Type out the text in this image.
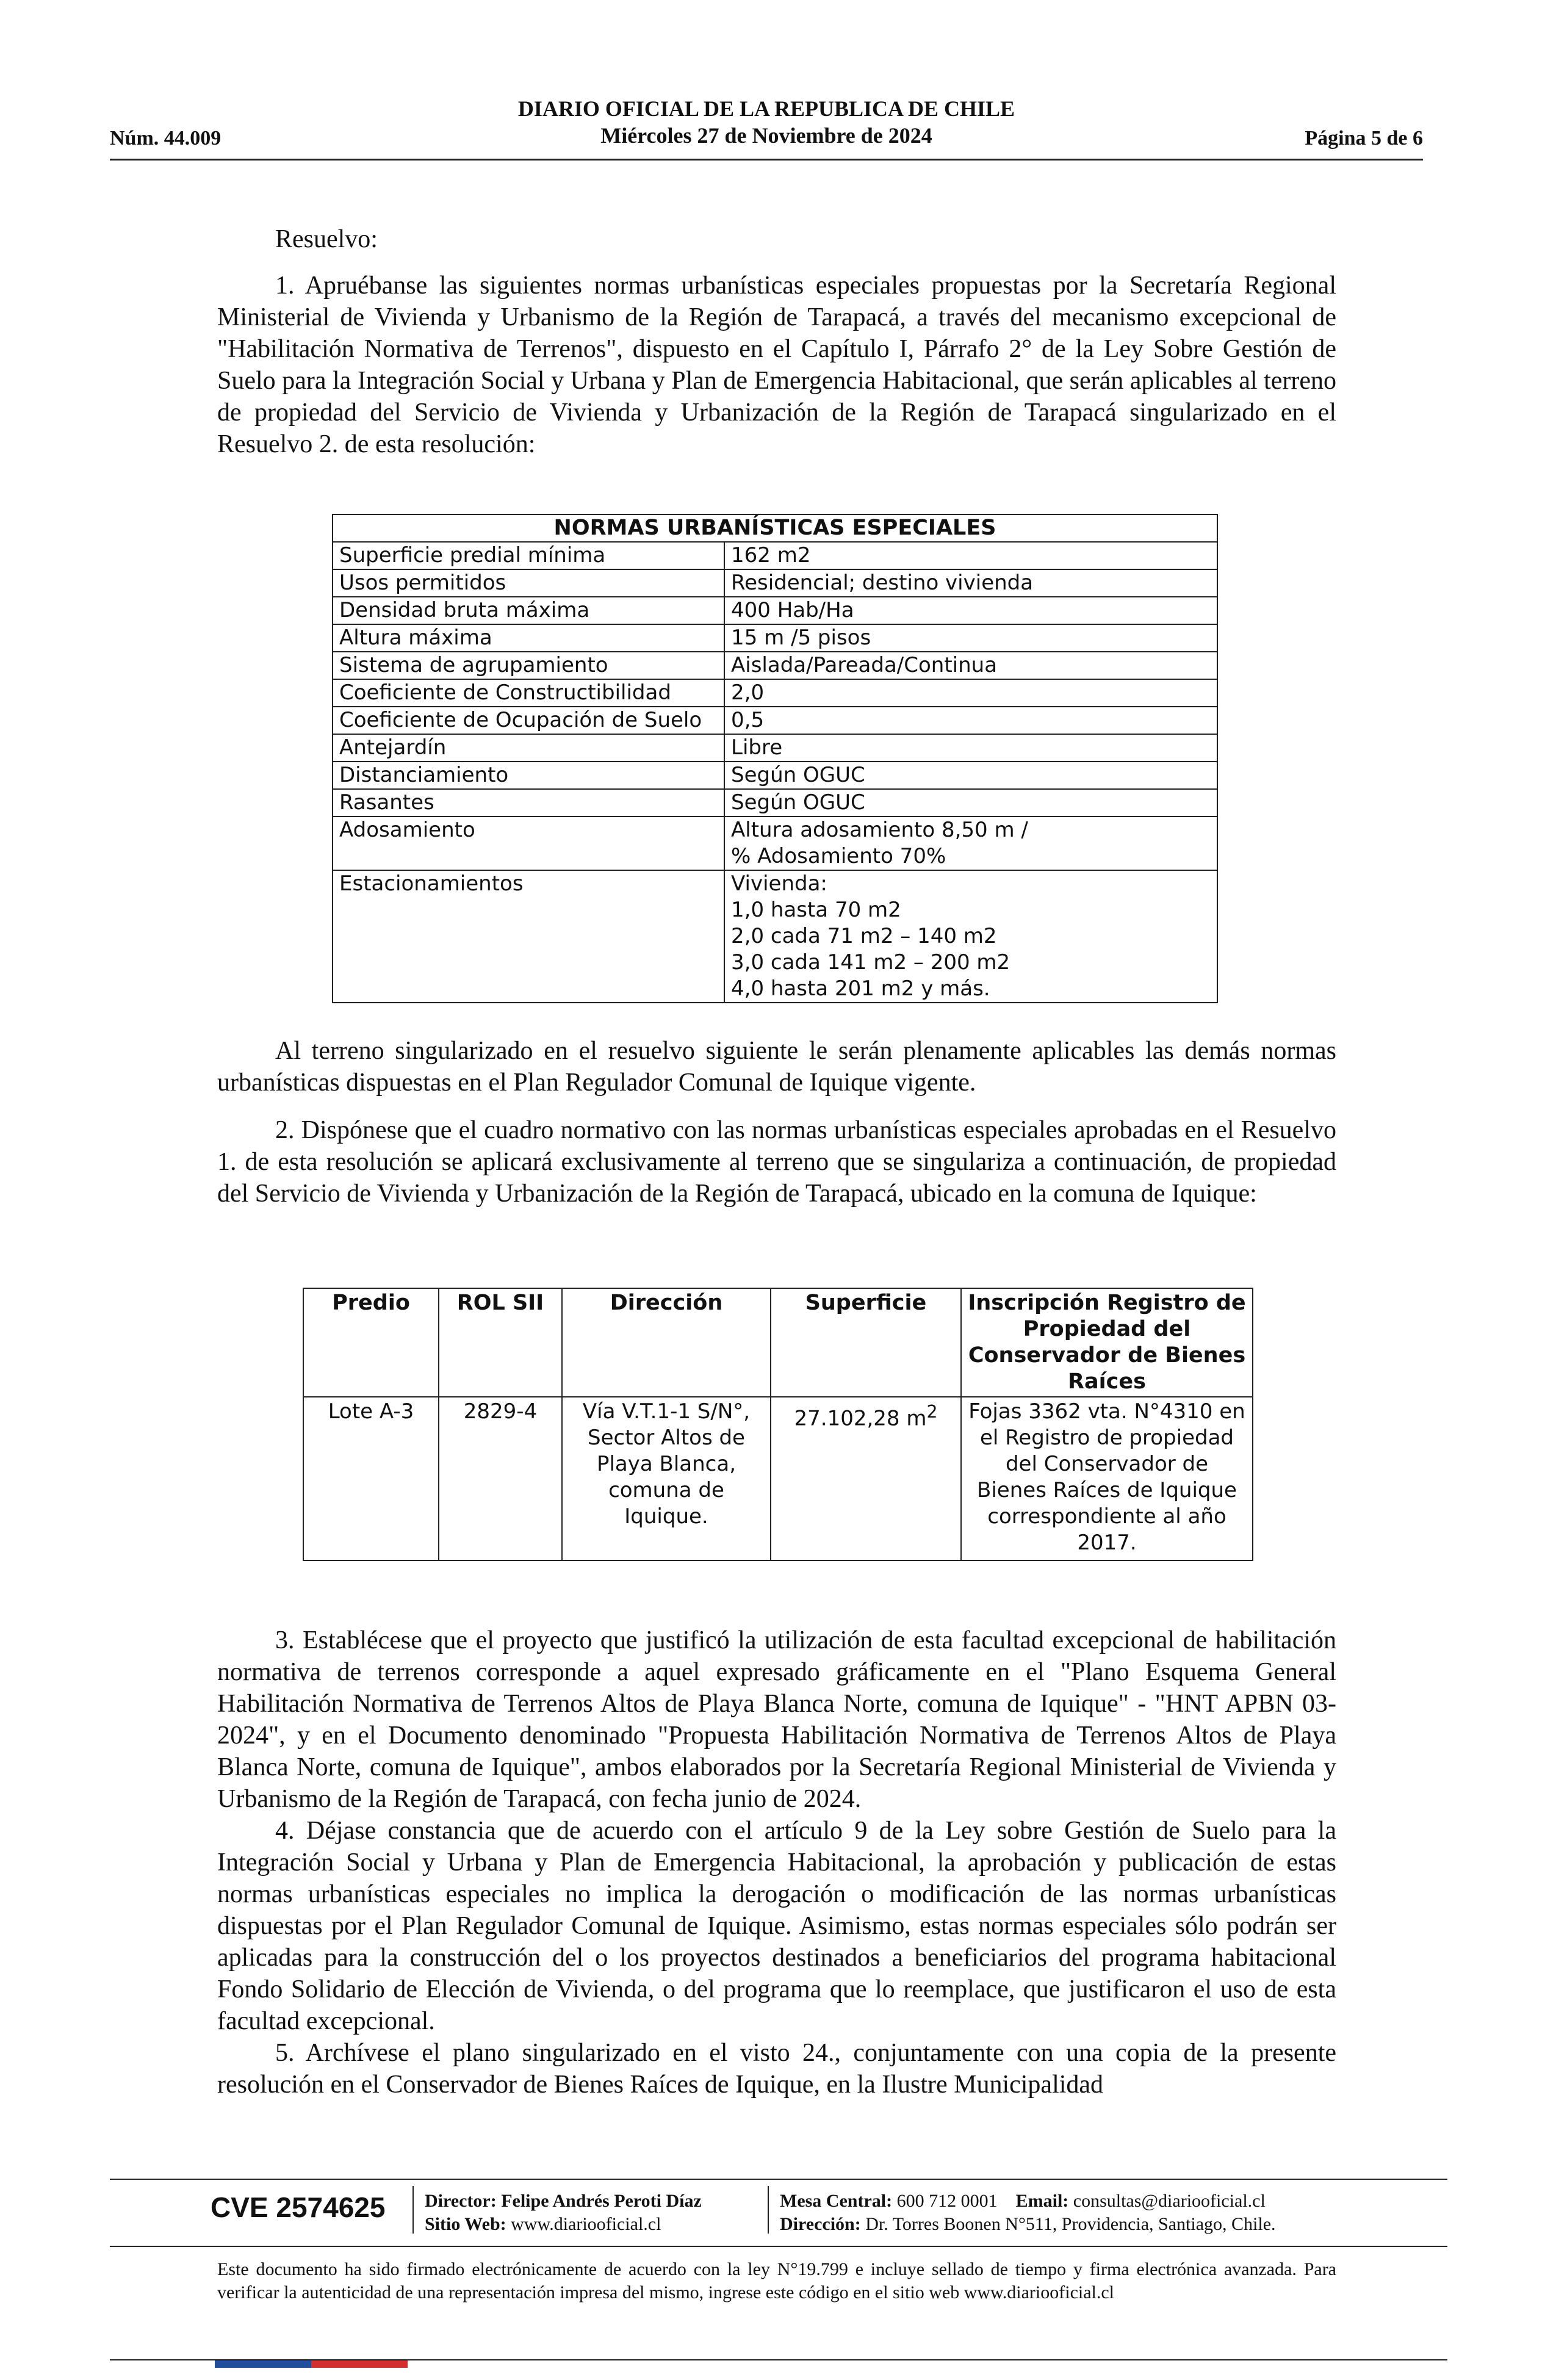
DIARIO OFICIAL DE LA REPUBLICA DE CHILE
Miércoles 27 de Noviembre de 2024
Núm. 44.009	Página 5 de 6

Resuelvo:

1. Apruébanse las siguientes normas urbanísticas especiales propuestas por la Secretaría Regional Ministerial de Vivienda y Urbanismo de la Región de Tarapacá, a través del mecanismo excepcional de "Habilitación Normativa de Terrenos", dispuesto en el Capítulo I, Párrafo 2° de la Ley Sobre Gestión de Suelo para la Integración Social y Urbana y Plan de Emergencia Habitacional, que serán aplicables al terreno de propiedad del Servicio de Vivienda y Urbanización de la Región de Tarapacá singularizado en el Resuelvo 2. de esta resolución:

NORMAS URBANÍSTICAS ESPECIALES	
Superficie predial mínima	162 m2
Usos permitidos	Residencial; destino vivienda
Densidad bruta máxima	400 Hab/Ha
Altura máxima	15 m /5 pisos
Sistema de agrupamiento	Aislada/Pareada/Continua
Coeficiente de Constructibilidad	2,0
Coeficiente de Ocupación de Suelo	0,5
Antejardín	Libre
Distanciamiento	Según OGUC
Rasantes	Según OGUC
Adosamiento	Altura adosamiento 8,50 m /
% Adosamiento 70%
Estacionamientos	Vivienda:
1,0 hasta 70 m2
2,0 cada 71 m2 – 140 m2
3,0 cada 141 m2 – 200 m2
4,0 hasta 201 m2 y más.

Al terreno singularizado en el resuelvo siguiente le serán plenamente aplicables las demás normas urbanísticas dispuestas en el Plan Regulador Comunal de Iquique vigente.

2. Dispónese que el cuadro normativo con las normas urbanísticas especiales aprobadas en el Resuelvo 1. de esta resolución se aplicará exclusivamente al terreno que se singulariza a continuación, de propiedad del Servicio de Vivienda y Urbanización de la Región de Tarapacá, ubicado en la comuna de Iquique:

Predio	ROL SII	Dirección	Superficie	Inscripción Registro de Propiedad del Conservador de Bienes Raíces
Lote A-3	2829-4	Vía V.T.1-1 S/N°, Sector Altos de Playa Blanca, comuna de Iquique.	27.102,28 $m^2$	Fojas 3362 vta. N°4310 en el Registro de propiedad del Conservador de Bienes Raíces de Iquique correspondiente al año 2017.

3. Establécese que el proyecto que justificó la utilización de esta facultad excepcional de habilitación normativa de terrenos corresponde a aquel expresado gráficamente en el "Plano Esquema General Habilitación Normativa de Terrenos Altos de Playa Blanca Norte, comuna de Iquique" - "HNT APBN 03-2024", y en el Documento denominado "Propuesta Habilitación Normativa de Terrenos Altos de Playa Blanca Norte, comuna de Iquique", ambos elaborados por la Secretaría Regional Ministerial de Vivienda y Urbanismo de la Región de Tarapacá, con fecha junio de 2024.

4. Déjase constancia que de acuerdo con el artículo 9 de la Ley sobre Gestión de Suelo para la Integración Social y Urbana y Plan de Emergencia Habitacional, la aprobación y publicación de estas normas urbanísticas especiales no implica la derogación o modificación de las normas urbanísticas dispuestas por el Plan Regulador Comunal de Iquique. Asimismo, estas normas especiales sólo podrán ser aplicadas para la construcción del o los proyectos destinados a beneficiarios del programa habitacional Fondo Solidario de Elección de Vivienda, o del programa que lo reemplace, que justificaron el uso de esta facultad excepcional.

5. Archívese el plano singularizado en el visto 24., conjuntamente con una copia de la presente resolución en el Conservador de Bienes Raíces de Iquique, en la Ilustre Municipalidad

CVE 2574625 Director: Felipe Andrés Peroti Díaz
Sitio Web: www.diariooficial.cl
Mesa Central: 600 712 0001 Email: consultas@diariooficial.cl
Dirección: Dr. Torres Boonen N°511, Providencia, Santiago, Chile.
Este documento ha sido firmado electrónicamente de acuerdo con la ley N°19.799 e incluye sellado de tiempo y firma electrónica avanzada. Para verificar la autenticidad de una representación impresa del mismo, ingrese este código en el sitio web www.diariooficial.cl
